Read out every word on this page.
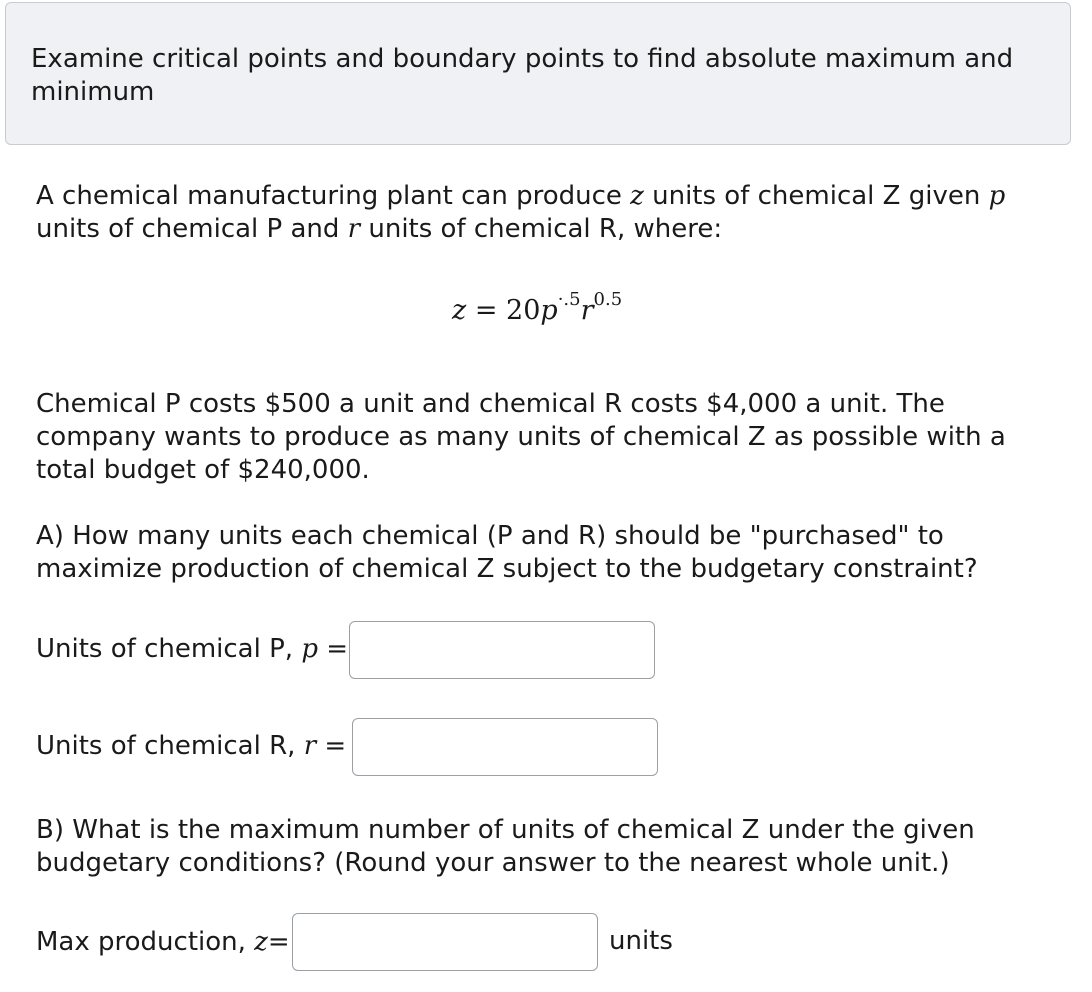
Examine critical points and boundary points to find absolute maximum and minimum
A chemical manufacturing plant can produce z units of chemical Z given p
units of chemical P and r units of chemical R, where:
$z = 20p^{\cdot.5}r^{0.5}$
Chemical P costs $500 a unit and chemical R costs $4,000 a unit. The company wants to produce as many units of chemical Z as possible with a total budget of $240,000.
A) How many units each chemical (P and R) should be "purchased" to maximize production of chemical Z subject to the budgetary constraint?
Units of chemical P, p =
Units of chemical R, r =
B) What is the maximum number of units of chemical Z under the given budgetary conditions? (Round your answer to the nearest whole unit.)
Max production, z=	units
